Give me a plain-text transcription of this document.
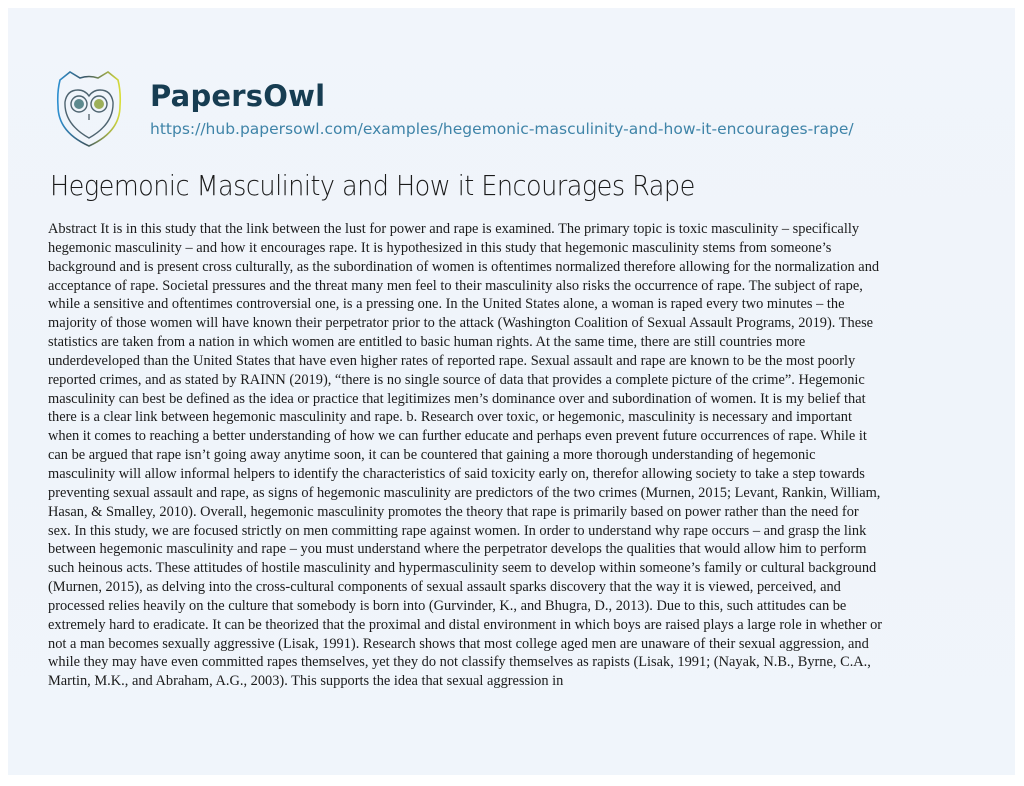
PapersOwl
https://hub.papersowl.com/examples/hegemonic-masculinity-and-how-it-encourages-rape/
Hegemonic Masculinity and How it Encourages Rape
Abstract It is in this study that the link between the lust for power and rape is examined. The primary topic is toxic masculinity – specifically
hegemonic masculinity – and how it encourages rape. It is hypothesized in this study that hegemonic masculinity stems from someone’s
background and is present cross culturally, as the subordination of women is oftentimes normalized therefore allowing for the normalization and
acceptance of rape. Societal pressures and the threat many men feel to their masculinity also risks the occurrence of rape. The subject of rape,
while a sensitive and oftentimes controversial one, is a pressing one. In the United States alone, a woman is raped every two minutes – the
majority of those women will have known their perpetrator prior to the attack (Washington Coalition of Sexual Assault Programs, 2019). These
statistics are taken from a nation in which women are entitled to basic human rights. At the same time, there are still countries more
underdeveloped than the United States that have even higher rates of reported rape. Sexual assault and rape are known to be the most poorly
reported crimes, and as stated by RAINN (2019), “there is no single source of data that provides a complete picture of the crime”. Hegemonic
masculinity can best be defined as the idea or practice that legitimizes men’s dominance over and subordination of women. It is my belief that
there is a clear link between hegemonic masculinity and rape. b. Research over toxic, or hegemonic, masculinity is necessary and important
when it comes to reaching a better understanding of how we can further educate and perhaps even prevent future occurrences of rape. While it
can be argued that rape isn’t going away anytime soon, it can be countered that gaining a more thorough understanding of hegemonic
masculinity will allow informal helpers to identify the characteristics of said toxicity early on, therefor allowing society to take a step towards
preventing sexual assault and rape, as signs of hegemonic masculinity are predictors of the two crimes (Murnen, 2015; Levant, Rankin, William,
Hasan, & Smalley, 2010). Overall, hegemonic masculinity promotes the theory that rape is primarily based on power rather than the need for
sex. In this study, we are focused strictly on men committing rape against women. In order to understand why rape occurs – and grasp the link
between hegemonic masculinity and rape – you must understand where the perpetrator develops the qualities that would allow him to perform
such heinous acts. These attitudes of hostile masculinity and hypermasculinity seem to develop within someone’s family or cultural background
(Murnen, 2015), as delving into the cross-cultural components of sexual assault sparks discovery that the way it is viewed, perceived, and
processed relies heavily on the culture that somebody is born into (Gurvinder, K., and Bhugra, D., 2013). Due to this, such attitudes can be
extremely hard to eradicate. It can be theorized that the proximal and distal environment in which boys are raised plays a large role in whether or
not a man becomes sexually aggressive (Lisak, 1991). Research shows that most college aged men are unaware of their sexual aggression, and
while they may have even committed rapes themselves, yet they do not classify themselves as rapists (Lisak, 1991; (Nayak, N.B., Byrne, C.A.,
Martin, M.K., and Abraham, A.G., 2003). This supports the idea that sexual aggression in
